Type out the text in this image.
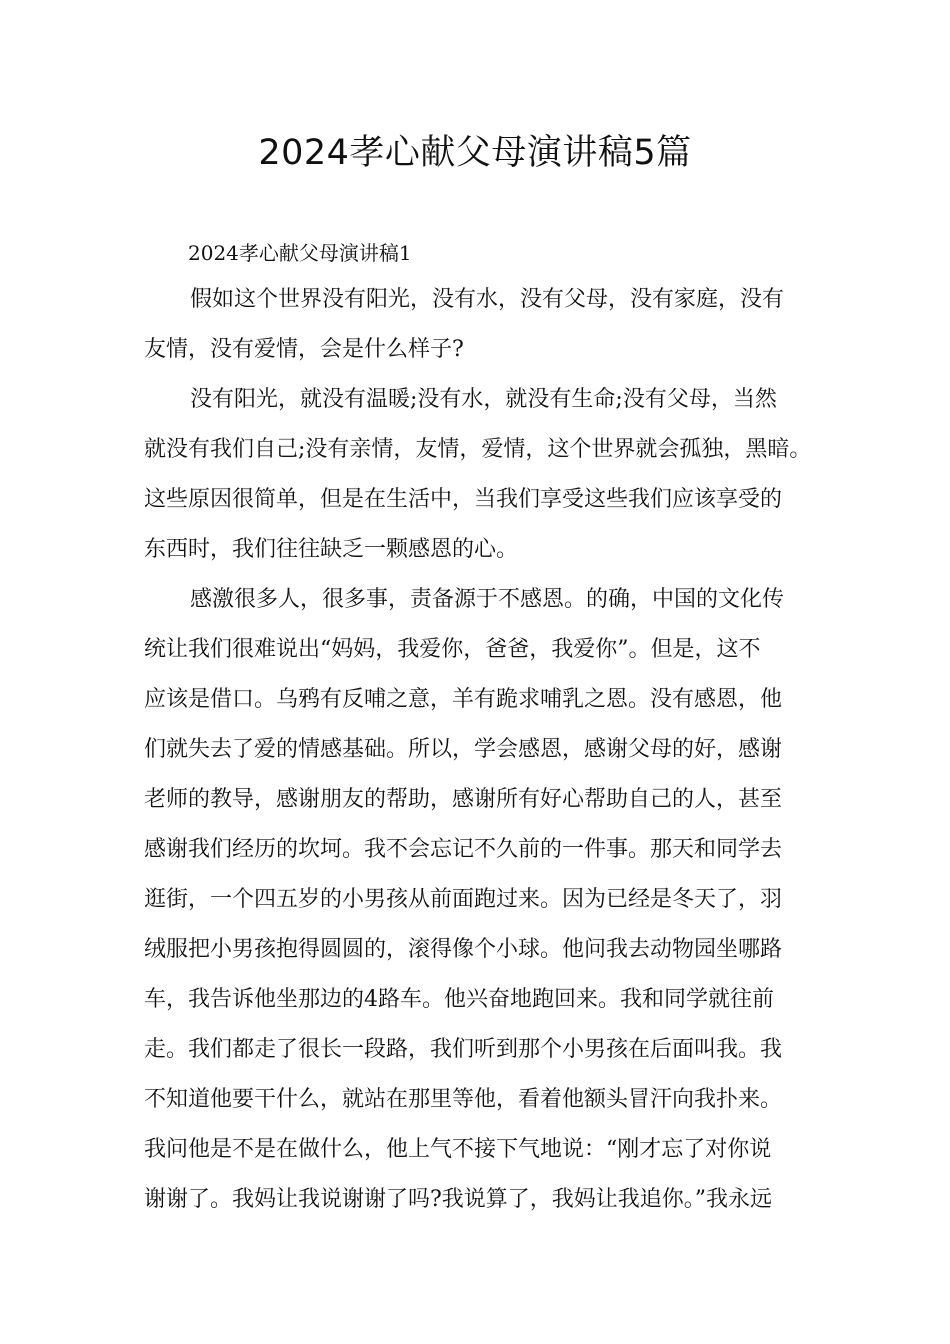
2024孝心献父母演讲稿5篇

2024孝心献父母演讲稿1

假如这个世界没有阳光，没有水，没有父母，没有家庭，没有

友情，没有爱情，会是什么样子?

没有阳光，就没有温暖;没有水，就没有生命;没有父母，当然

就没有我们自己;没有亲情，友情，爱情，这个世界就会孤独，黑暗。

这些原因很简单，但是在生活中，当我们享受这些我们应该享受的

东西时，我们往往缺乏一颗感恩的心。

感激很多人，很多事，责备源于不感恩。的确，中国的文化传

统让我们很难说出“妈妈，我爱你，爸爸，我爱你”。但是，这不

应该是借口。乌鸦有反哺之意，羊有跪求哺乳之恩。没有感恩，他

们就失去了爱的情感基础。所以，学会感恩，感谢父母的好，感谢

老师的教导，感谢朋友的帮助，感谢所有好心帮助自己的人，甚至

感谢我们经历的坎坷。我不会忘记不久前的一件事。那天和同学去

逛街，一个四五岁的小男孩从前面跑过来。因为已经是冬天了，羽

绒服把小男孩抱得圆圆的，滚得像个小球。他问我去动物园坐哪路

车，我告诉他坐那边的4路车。他兴奋地跑回来。我和同学就往前

走。我们都走了很长一段路，我们听到那个小男孩在后面叫我。我

不知道他要干什么，就站在那里等他，看着他额头冒汗向我扑来。

我问他是不是在做什么，他上气不接下气地说：“刚才忘了对你说

谢谢了。我妈让我说谢谢了吗?我说算了，我妈让我追你。”我永远
